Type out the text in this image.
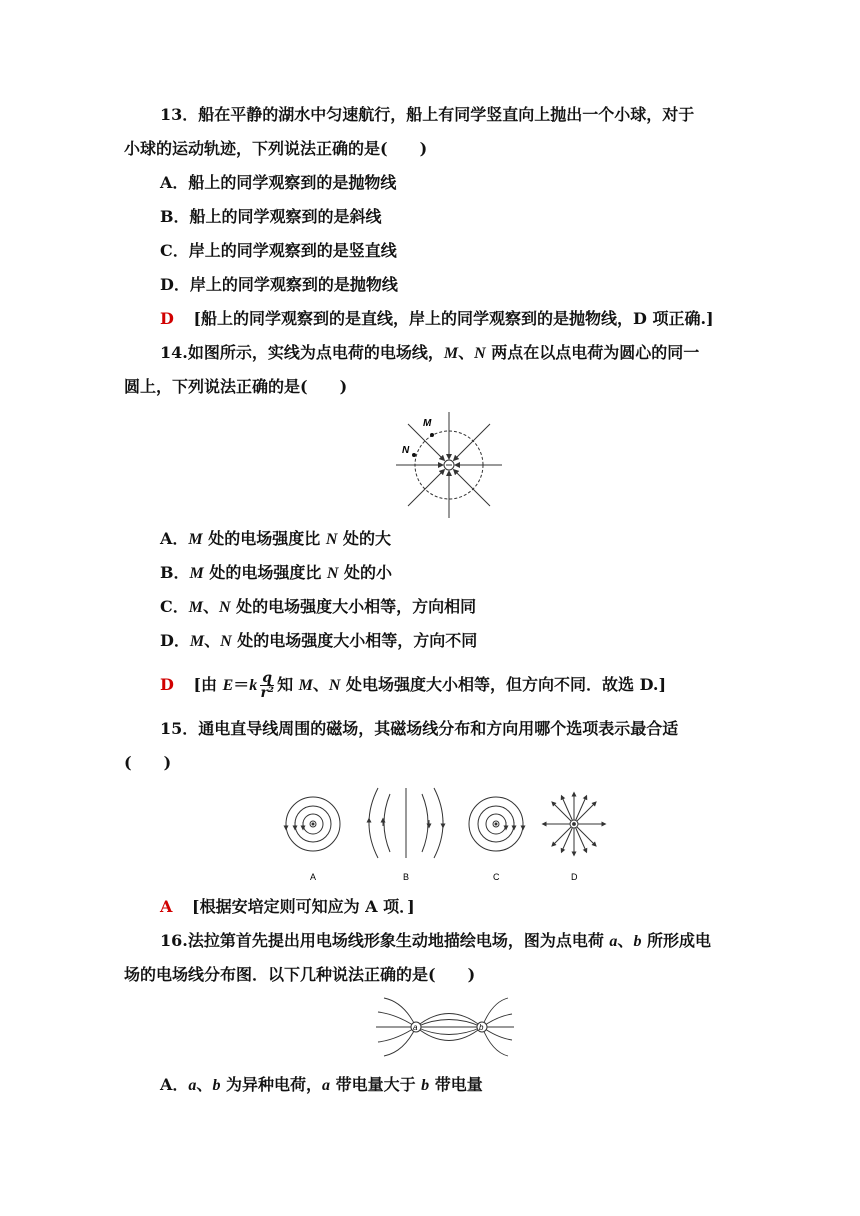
13．船在平静的湖水中匀速航行，船上有同学竖直向上抛出一个小球，对于
小球的运动轨迹，下列说法正确的是(　　)
A．船上的同学观察到的是抛物线
B．船上的同学观察到的是斜线
C．岸上的同学观察到的是竖直线
D．岸上的同学观察到的是抛物线
D [船上的同学观察到的是直线，岸上的同学观察到的是抛物线，D 项正确.]
14.如图所示，实线为点电荷的电场线，M、N 两点在以点电荷为圆心的同一
圆上，下列说法正确的是(　　)
M
N
A．M 处的电场强度比 N 处的大
B．M 处的电场强度比 N 处的小
C．M、N 处的电场强度大小相等，方向相同
D．M、N 处的电场强度大小相等，方向不同
D [由 $E=k \frac{q}{\text{r²}}$ 知 M、N 处电场强度大小相等，但方向不同．故选 D.]
15．通电直导线周围的磁场，其磁场线分布和方向用哪个选项表示最合适
(　　)
A	B	C	D
A [根据安培定则可知应为 A 项．]
16.法拉第首先提出用电场线形象生动地描绘电场，图为点电荷 a、b 所形成电
场的电场线分布图．以下几种说法正确的是(　　)
a	b
A．a、b 为异种电荷，a 带电量大于 b 带电量
